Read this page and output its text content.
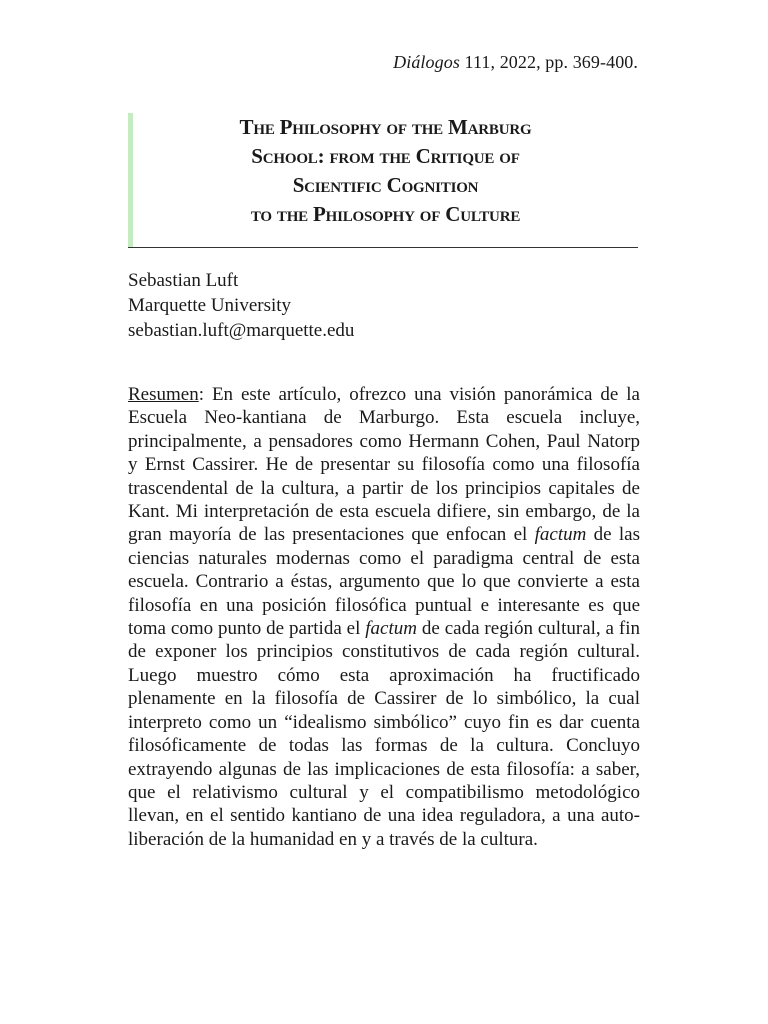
Diálogos 111, 2022, pp. 369-400.
The Philosophy of the Marburg
School: from the Critique of
Scientific Cognition
to the Philosophy of Culture
Sebastian Luft
Marquette University
sebastian.luft@marquette.edu

Resumen: En este artículo, ofrezco una visión panorámica de la Escuela Neo-kantiana de Marburgo. Esta escuela incluye, principalmente, a pensadores como Hermann Cohen, Paul Natorp y Ernst Cassirer. He de presentar su filosofía como una filosofía trascendental de la cultura, a partir de los principios capitales de Kant. Mi interpretación de esta escuela difiere, sin embargo, de la gran mayoría de las presentaciones que enfocan el factum de las ciencias naturales modernas como el paradigma central de esta escuela. Contrario a éstas, argumento que lo que convierte a esta filosofía en una posición filosófica puntual e interesante es que toma como punto de partida el factum de cada región cultural, a fin de exponer los principios constitutivos de cada región cultural. Luego muestro cómo esta aproximación ha fructificado plenamente en la filosofía de Cassirer de lo simbólico, la cual interpreto como un “idealismo simbólico” cuyo fin es dar cuenta filosóficamente de todas las formas de la cultura. Concluyo extrayendo algunas de las implicaciones de esta filosofía: a saber, que el relativismo cultural y el compatibilismo metodológico llevan, en el sentido kantiano de una idea reguladora, a una auto-liberación de la humanidad en y a través de la cultura.
